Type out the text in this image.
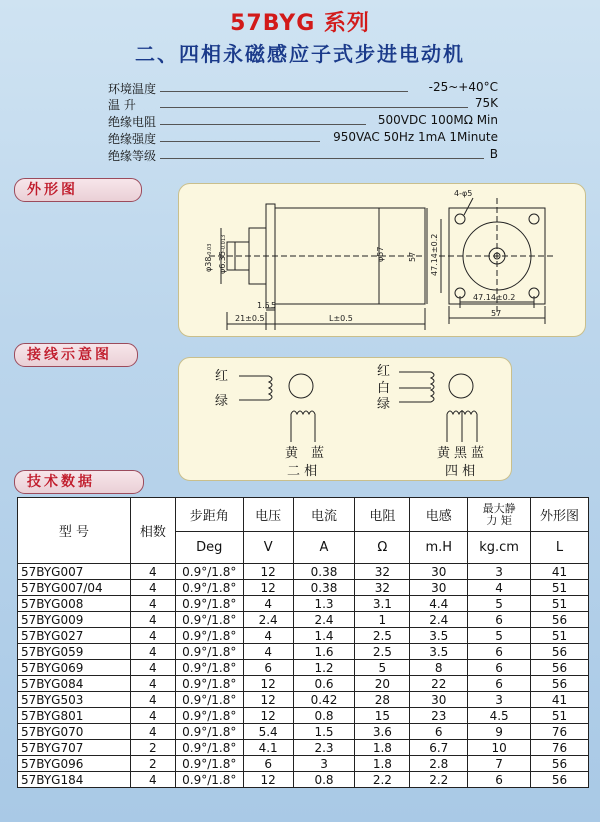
57BYG 系列
二、四相永磁感应子式步进电动机
环境温度	-25~+40°C
温 升	75K
绝缘电阻	500VDC 100MΩ Min
绝缘强度	950VAC 50Hz 1mA 1Minute
绝缘等级	B
外形图
φ38-0.03
φ6.35-0.013
φ57	57
1.5 5
21±0.5	L±0.5
4-φ5
47.14±0.2
47.14±0.2
57
接线示意图
红
绿
黄 蓝
二 相
红
白
绿
黄 黑 蓝
四 相
技术数据
型 号	相数	步距角	电压	电流	电阻	电感	最大静
力 矩	外形图
		Deg	V	A	Ω	m.H	kg.cm	L
57BYG007	4	0.9°/1.8°	12	0.38	32	30	3	41
57BYG007/04	4	0.9°/1.8°	12	0.38	32	30	4	51
57BYG008	4	0.9°/1.8°	4	1.3	3.1	4.4	5	51
57BYG009	4	0.9°/1.8°	2.4	2.4	1	2.4	6	56
57BYG027	4	0.9°/1.8°	4	1.4	2.5	3.5	5	51
57BYG059	4	0.9°/1.8°	4	1.6	2.5	3.5	6	56
57BYG069	4	0.9°/1.8°	6	1.2	5	8	6	56
57BYG084	4	0.9°/1.8°	12	0.6	20	22	6	56
57BYG503	4	0.9°/1.8°	12	0.42	28	30	3	41
57BYG801	4	0.9°/1.8°	12	0.8	15	23	4.5	51
57BYG070	4	0.9°/1.8°	5.4	1.5	3.6	6	9	76
57BYG707	2	0.9°/1.8°	4.1	2.3	1.8	6.7	10	76
57BYG096	2	0.9°/1.8°	6	3	1.8	2.8	7	56
57BYG184	4	0.9°/1.8°	12	0.8	2.2	2.2	6	56
